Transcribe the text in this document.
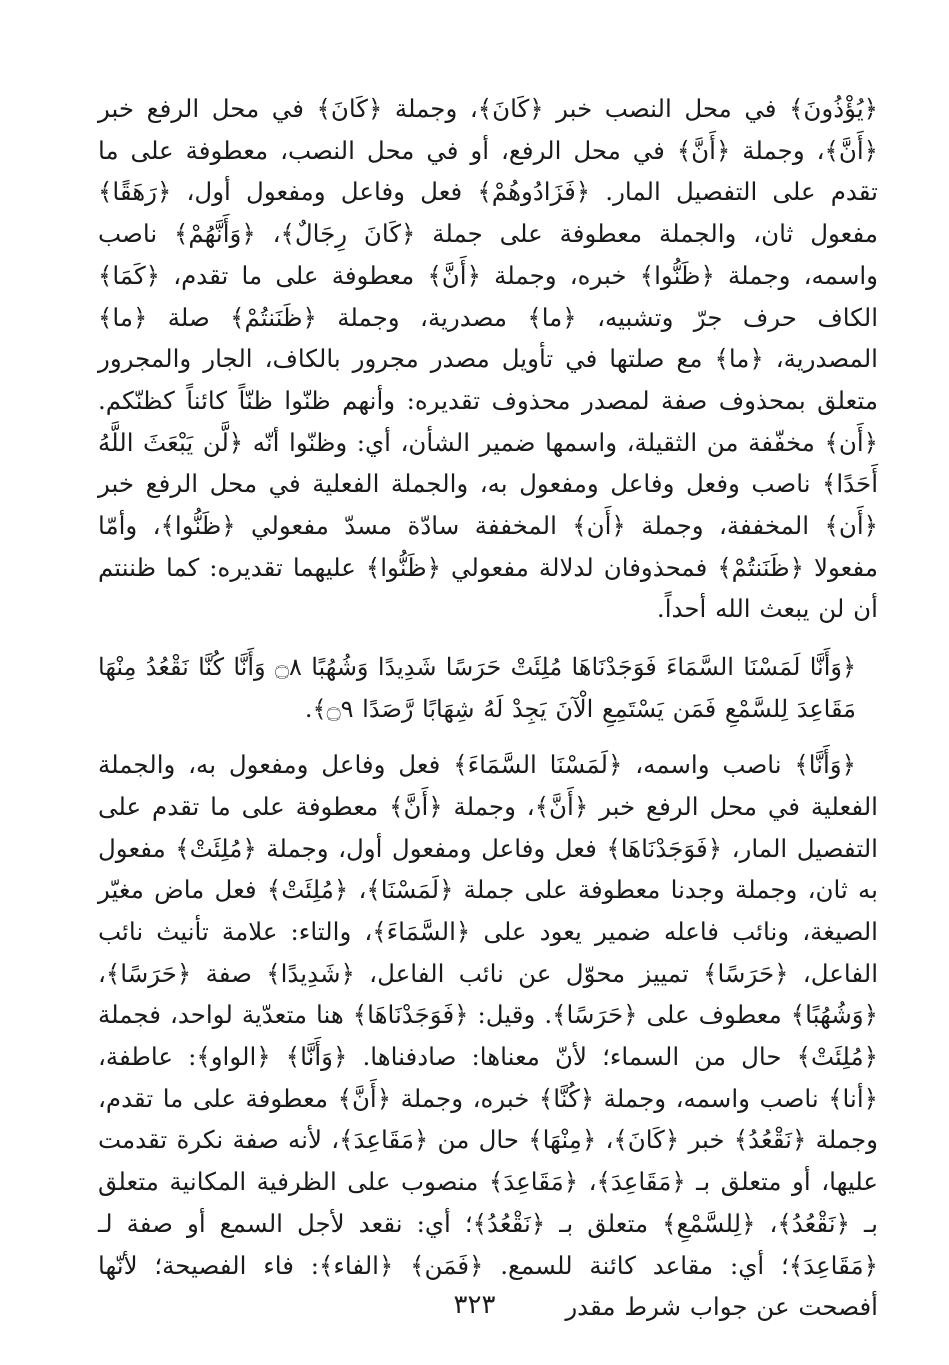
﴿يُؤْذُونَ﴾ في محل النصب خبر ﴿كَانَ﴾، وجملة ﴿كَانَ﴾ في محل الرفع خبر ﴿أَنَّ﴾، وجملة ﴿أَنَّ﴾ في محل الرفع، أو في محل النصب، معطوفة على ما تقدم على التفصيل المار. ﴿فَزَادُوهُمْ﴾ فعل وفاعل ومفعول أول، ﴿رَهَقًا﴾ مفعول ثان، والجملة معطوفة على جملة ﴿كَانَ رِجَالٌ﴾، ﴿وَأَنَّهُمْ﴾ ناصب واسمه، وجملة ﴿ظَنُّوا﴾ خبره، وجملة ﴿أَنَّ﴾ معطوفة على ما تقدم، ﴿كَمَا﴾ الكاف حرف جرّ وتشبيه، ﴿ما﴾ مصدرية، وجملة ﴿ظَنَنتُمْ﴾ صلة ﴿ما﴾ المصدرية، ﴿ما﴾ مع صلتها في تأويل مصدر مجرور بالكاف، الجار والمجرور متعلق بمحذوف صفة لمصدر محذوف تقديره: وأنهم ظنّوا ظنّاً كائناً كظنّكم. ﴿أَن﴾ مخفّفة من الثقيلة، واسمها ضمير الشأن، أي: وظنّوا أنّه ﴿لَّن يَبْعَثَ اللَّهُ أَحَدًا﴾ ناصب وفعل وفاعل ومفعول به، والجملة الفعلية في محل الرفع خبر ﴿أَن﴾ المخففة، وجملة ﴿أَن﴾ المخففة سادّة مسدّ مفعولي ﴿ظَنُّوا﴾، وأمّا مفعولا ﴿ظَنَنتُمْ﴾ فمحذوفان لدلالة مفعولي ﴿ظَنُّوا﴾ عليهما تقديره: كما ظننتم أن لن يبعث الله أحداً.

﴿وَأَنَّا لَمَسْنَا السَّمَاءَ فَوَجَدْنَاهَا مُلِئَتْ حَرَسًا شَدِيدًا وَشُهُبًا ۝٨ وَأَنَّا كُنَّا نَقْعُدُ مِنْهَا مَقَاعِدَ لِلسَّمْعِ فَمَن يَسْتَمِعِ الْآنَ يَجِدْ لَهُ شِهَابًا رَّصَدًا ۝٩﴾.

﴿وَأَنَّا﴾ ناصب واسمه، ﴿لَمَسْنَا السَّمَاءَ﴾ فعل وفاعل ومفعول به، والجملة الفعلية في محل الرفع خبر ﴿أَنَّ﴾، وجملة ﴿أَنَّ﴾ معطوفة على ما تقدم على التفصيل المار، ﴿فَوَجَدْنَاهَا﴾ فعل وفاعل ومفعول أول، وجملة ﴿مُلِئَتْ﴾ مفعول به ثان، وجملة وجدنا معطوفة على جملة ﴿لَمَسْنَا﴾، ﴿مُلِئَتْ﴾ فعل ماض مغيّر الصيغة، ونائب فاعله ضمير يعود على ﴿السَّمَاءَ﴾، والتاء: علامة تأنيث نائب الفاعل، ﴿حَرَسًا﴾ تمييز محوّل عن نائب الفاعل، ﴿شَدِيدًا﴾ صفة ﴿حَرَسًا﴾، ﴿وَشُهُبًا﴾ معطوف على ﴿حَرَسًا﴾. وقيل: ﴿فَوَجَدْنَاهَا﴾ هنا متعدّية لواحد، فجملة ﴿مُلِئَتْ﴾ حال من السماء؛ لأنّ معناها: صادفناها. ﴿وَأَنَّا﴾ ﴿الواو﴾: عاطفة، ﴿أنا﴾ ناصب واسمه، وجملة ﴿كُنَّا﴾ خبره، وجملة ﴿أَنَّ﴾ معطوفة على ما تقدم، وجملة ﴿نَقْعُدُ﴾ خبر ﴿كَانَ﴾، ﴿مِنْهَا﴾ حال من ﴿مَقَاعِدَ﴾، لأنه صفة نكرة تقدمت عليها، أو متعلق بـ ﴿مَقَاعِدَ﴾، ﴿مَقَاعِدَ﴾ منصوب على الظرفية المكانية متعلق بـ ﴿نَقْعُدُ﴾، ﴿لِلسَّمْعِ﴾ متعلق بـ ﴿نَقْعُدُ﴾؛ أي: نقعد لأجل السمع أو صفة لـ ﴿مَقَاعِدَ﴾؛ أي: مقاعد كائنة للسمع. ﴿فَمَن﴾ ﴿الفاء﴾: فاء الفصيحة؛ لأنّها أفصحت عن جواب شرط مقدر

٣٢٣
